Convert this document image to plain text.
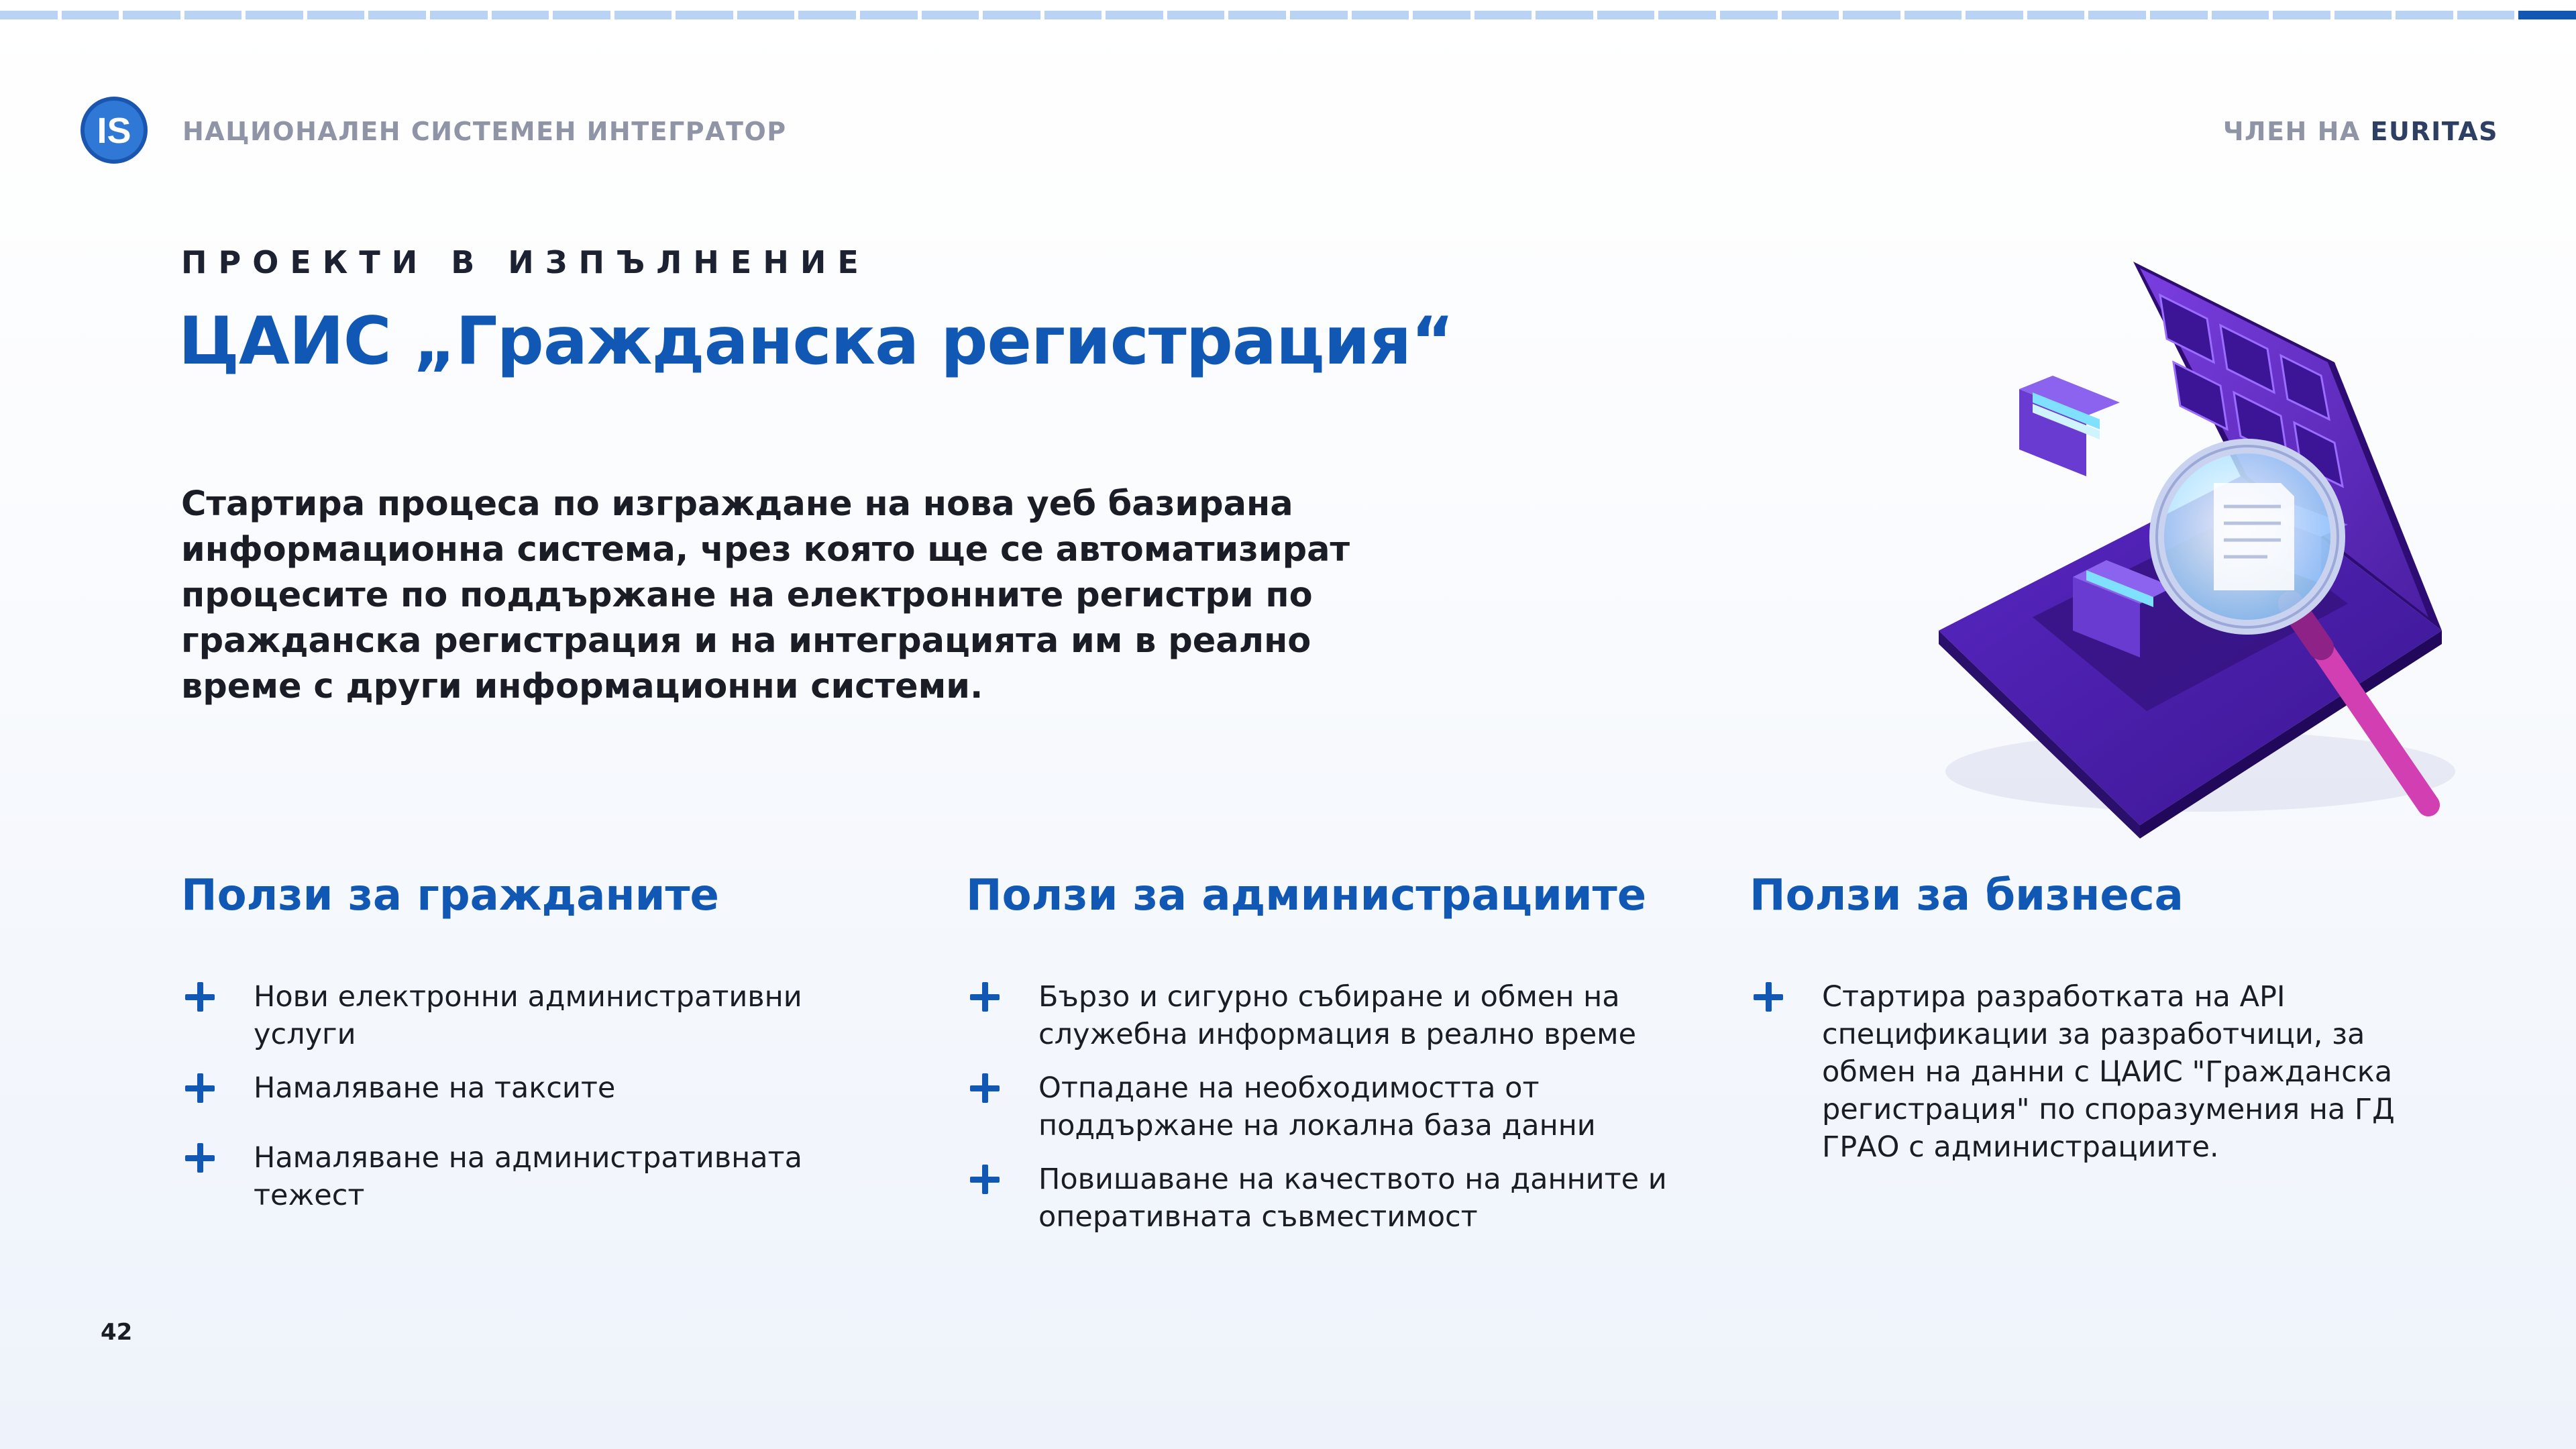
IS НАЦИОНАЛЕН СИСТЕМЕН ИНТЕГРАТОР	ЧЛЕН НА EURITAS
ПРОЕКТИ В ИЗПЪЛНЕНИЕ
ЦАИС „Гражданска регистрация“
Стартира процеса по изграждане на нова уеб базирана информационна система, чрез която ще се автоматизират процесите по поддържане на електронните регистри по гражданска регистрация и на интеграцията им в реално време с други информационни системи.
Ползи за гражданите
Нови електронни административни услуги
Намаляване на таксите
Намаляване на административната тежест
Ползи за администрациите
Бързо и сигурно събиране и обмен на служебна информация в реално време
Отпадане на необходимостта от поддържане на локална база данни
Повишаване на качеството на данните и оперативната съвместимост
Ползи за бизнеса
Стартира разработката на API спецификации за разработчици, за обмен на данни с ЦАИС "Гражданска регистрация" по споразумения на ГД ГРАО с администрациите.
42
